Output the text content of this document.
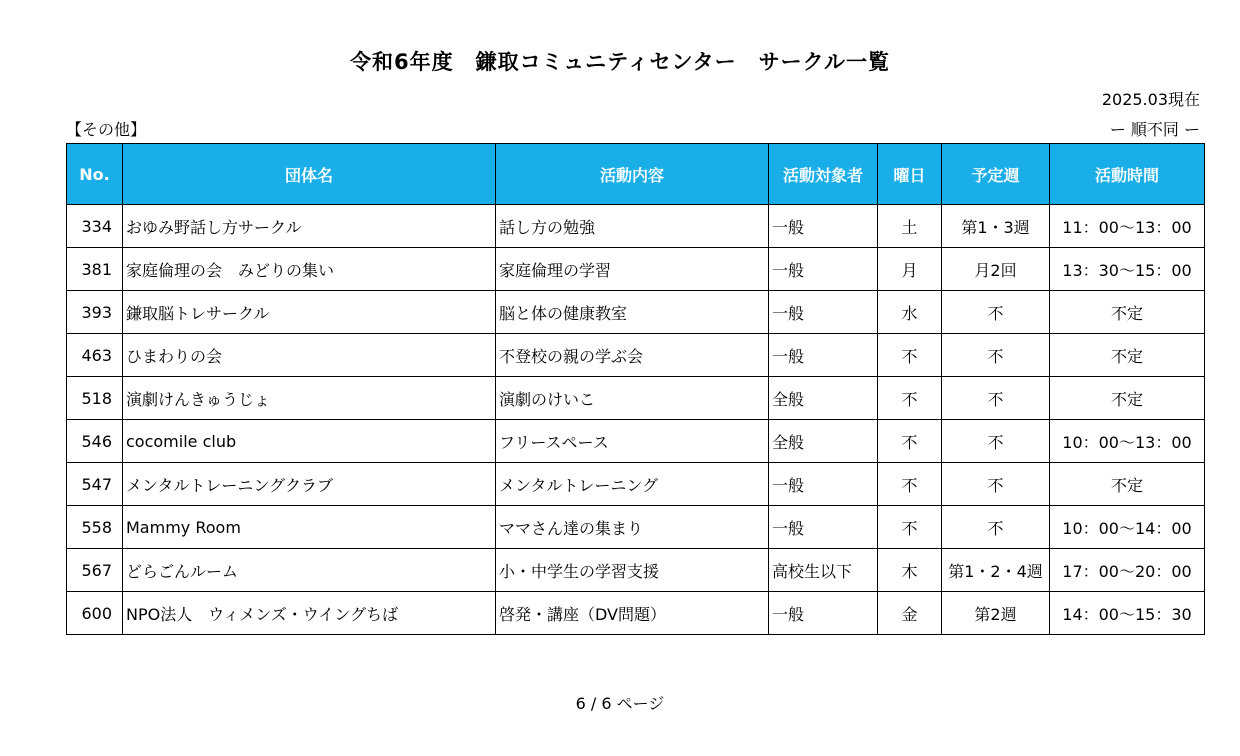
令和6年度　鎌取コミュニティセンター　サークル一覧
2025.03現在
【その他】	ー 順不同 ー
No.	団体名	活動内容	活動対象者	曜日	予定週	活動時間
334	おゆみ野話し方サークル	話し方の勉強	一般	土	第1・3週	11：00〜13：00
381	家庭倫理の会　みどりの集い	家庭倫理の学習	一般	月	月2回	13：30〜15：00
393	鎌取脳トレサークル	脳と体の健康教室	一般	水	不	不定
463	ひまわりの会	不登校の親の学ぶ会	一般	不	不	不定
518	演劇けんきゅうじょ	演劇のけいこ	全般	不	不	不定
546	cocomile club	フリースペース	全般	不	不	10：00〜13：00
547	メンタルトレーニングクラブ	メンタルトレーニング	一般	不	不	不定
558	Mammy Room	ママさん達の集まり	一般	不	不	10：00〜14：00
567	どらごんルーム	小・中学生の学習支援	高校生以下	木	第1・2・4週	17：00〜20：00
600	NPO法人　ウィメンズ・ウイングちば	啓発・講座（DV問題）	一般	金	第2週	14：00〜15：30
6 / 6 ページ
